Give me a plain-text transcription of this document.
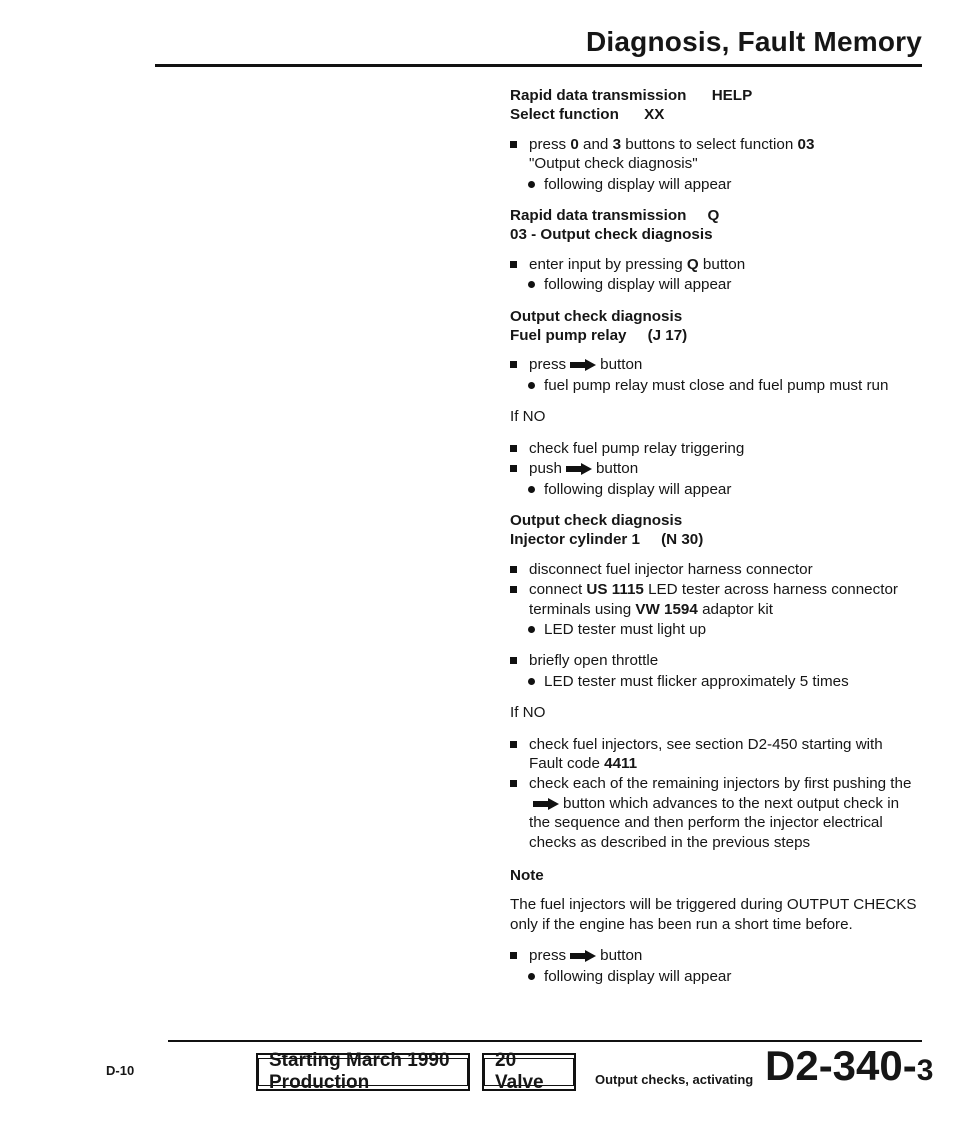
Diagnosis, Fault Memory
Rapid data transmission      HELP
Select function      XX
press 0 and 3 buttons to select function 03
"Output check diagnosis"
following display will appear
Rapid data transmission     Q
03 - Output check diagnosis
enter input by pressing Q button
following display will appear
Output check diagnosis
Fuel pump relay     (J 17)
press button
fuel pump relay must close and fuel pump must run
If NO
check fuel pump relay triggering
push button
following display will appear
Output check diagnosis
Injector cylinder 1     (N 30)
disconnect fuel injector harness connector
connect US 1115 LED tester across harness connector terminals using VW 1594 adaptor kit
LED tester must light up
briefly open throttle
LED tester must flicker approximately 5 times
If NO
check fuel injectors, see section D2-450 starting with Fault code 4411
check each of the remaining injectors by first pushing thebutton which advances to the next output check in the sequence and then perform the injector electrical checks as described in the previous steps
Note
The fuel injectors will be triggered during OUTPUT CHECKS only if the engine has been run a short time before.
press button
following display will appear
D-10	Starting March 1990 Production
20 Valve	Output checks, activating D2-340-3
